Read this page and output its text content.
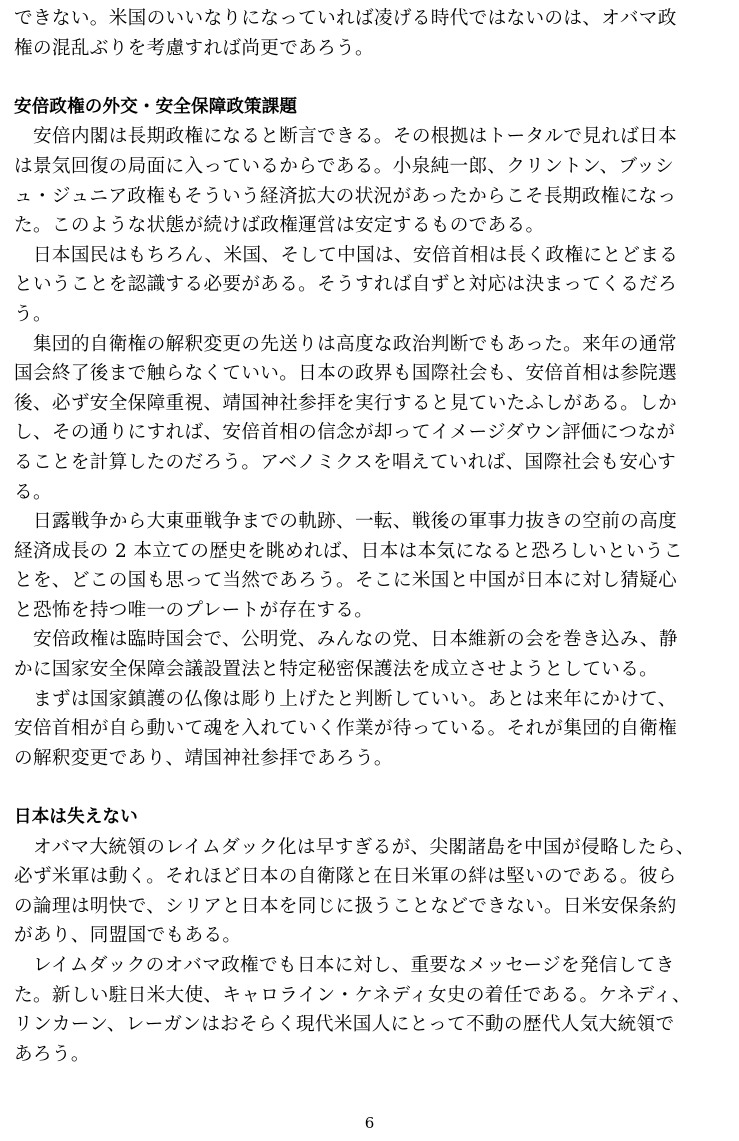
できない。米国のいいなりになっていれば凌げる時代ではないのは、オバマ政
権の混乱ぶりを考慮すれば尚更であろう。
安倍政権の外交・安全保障政策課題
　安倍内閣は長期政権になると断言できる。その根拠はトータルで見れば日本
は景気回復の局面に入っているからである。小泉純一郎、クリントン、ブッシ
ュ・ジュニア政権もそういう経済拡大の状況があったからこそ長期政権になっ
た。このような状態が続けば政権運営は安定するものである。
　日本国民はもちろん、米国、そして中国は、安倍首相は長く政権にとどまる
ということを認識する必要がある。そうすれば自ずと対応は決まってくるだろ
う。
　集団的自衛権の解釈変更の先送りは高度な政治判断でもあった。来年の通常
国会終了後まで触らなくていい。日本の政界も国際社会も、安倍首相は参院選
後、必ず安全保障重視、靖国神社参拝を実行すると見ていたふしがある。しか
し、その通りにすれば、安倍首相の信念が却ってイメージダウン評価につなが
ることを計算したのだろう。アベノミクスを唱えていれば、国際社会も安心す
る。
　日露戦争から大東亜戦争までの軌跡、一転、戦後の軍事力抜きの空前の高度
経済成長の 2 本立ての歴史を眺めれば、日本は本気になると恐ろしいというこ
とを、どこの国も思って当然であろう。そこに米国と中国が日本に対し猜疑心
と恐怖を持つ唯一のプレートが存在する。
　安倍政権は臨時国会で、公明党、みんなの党、日本維新の会を巻き込み、静
かに国家安全保障会議設置法と特定秘密保護法を成立させようとしている。
　まずは国家鎮護の仏像は彫り上げたと判断していい。あとは来年にかけて、
安倍首相が自ら動いて魂を入れていく作業が待っている。それが集団的自衛権
の解釈変更であり、靖国神社参拝であろう。
日本は失えない
　オバマ大統領のレイムダック化は早すぎるが、尖閣諸島を中国が侵略したら、
必ず米軍は動く。それほど日本の自衛隊と在日米軍の絆は堅いのである。彼ら
の論理は明快で、シリアと日本を同じに扱うことなどできない。日米安保条約
があり、同盟国でもある。
　レイムダックのオバマ政権でも日本に対し、重要なメッセージを発信してき
た。新しい駐日米大使、キャロライン・ケネディ女史の着任である。ケネディ、
リンカーン、レーガンはおそらく現代米国人にとって不動の歴代人気大統領で
あろう。
6
